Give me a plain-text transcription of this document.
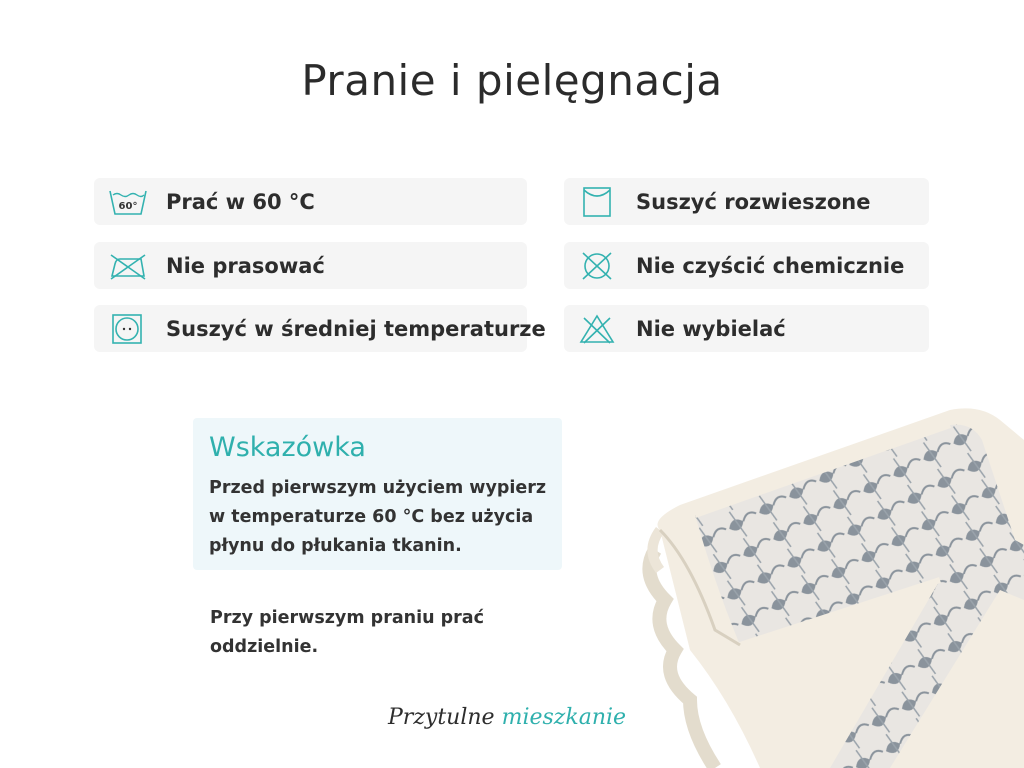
Pranie i pielęgnacja
60° Prać w 60 °C
Nie prasować
Suszyć w średniej temperaturze
Suszyć rozwieszone
Nie czyścić chemicznie
Nie wybielać
Wskazówka
Przed pierwszym użyciem wypierz w temperaturze 60 °C bez użycia płynu do płukania tkanin.
Przy pierwszym praniu prać oddzielnie.
Przytulne mieszkanie
